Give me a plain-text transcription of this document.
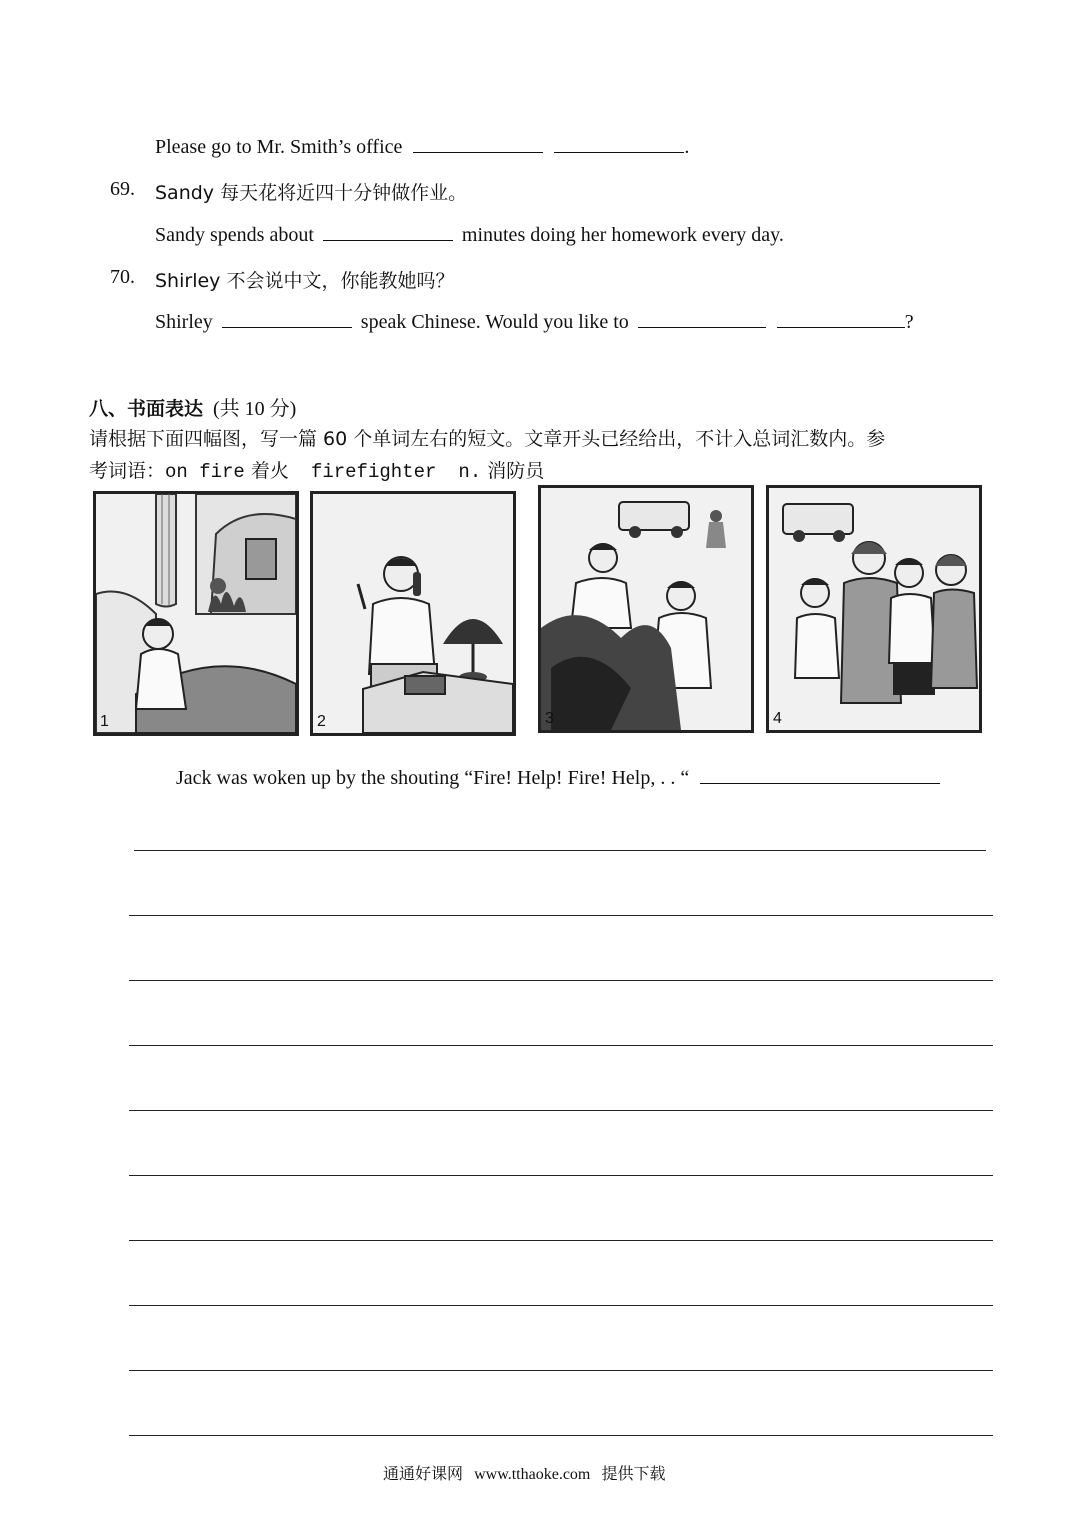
Please go to Mr. Smith’s office	.
69. Sandy 每天花将近四十分钟做作业。
Sandy spends about	minutes doing her homework every day.
70. Shirley 不会说中文，你能教她吗？
Shirley	speak Chinese. Would you like to	?
八、书面表达 (共 10 分)
请根据下面四幅图，写一篇 60 个单词左右的短文。文章开头已经给出，不计入总词汇数内。参
考词语：on fire 着火 firefighter n. 消防员
1	2	3	4
Jack was woken up by the shouting “Fire! Help! Fire! Help, . . “
通通好课网 www.tthaoke.com 提供下载
